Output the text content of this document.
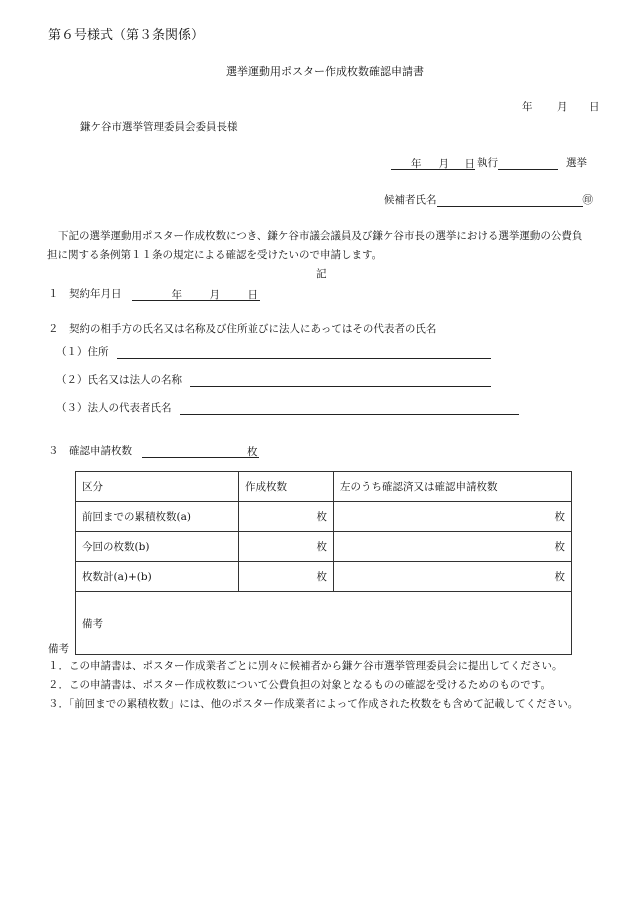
第６号様式（第３条関係）
選挙運動用ポスター作成枚数確認申請書
年 月 日
鎌ケ谷市選挙管理委員会委員長様
年 月 日 執行	選挙
候補者氏名	㊞
下記の選挙運動用ポスター作成枚数につき、鎌ケ谷市議会議員及び鎌ケ谷市長の選挙における選挙運動の公費負担に関する条例第１１条の規定による確認を受けたいので申請します。
記
１　契約年月日	年	月	日
２　契約の相手方の氏名又は名称及び住所並びに法人にあってはその代表者の氏名
（１）住所
（２）氏名又は法人の名称
（３）法人の代表者氏名
３　確認申請枚数	枚
区分	作成枚数	左のうち確認済又は確認申請枚数
前回までの累積枚数(a)	枚	枚
今回の枚数(b)	枚	枚
枚数計(a)+(b)	枚	枚
備考		
備考
１．この申請書は、ポスター作成業者ごとに別々に候補者から鎌ケ谷市選挙管理委員会に提出してください。
２．この申請書は、ポスター作成枚数について公費負担の対象となるものの確認を受けるためのものです。
３．「前回までの累積枚数」には、他のポスター作成業者によって作成された枚数をも含めて記載してください。
